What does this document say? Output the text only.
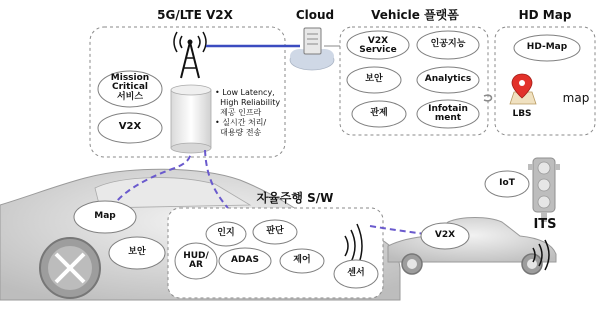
5G/LTE V2X	Cloud	Vehicle 플랫폼	HD Map
자율주행 S/W
ITS
Mission
Critical
서비스
V2X
• Low Latency,
High Reliability
제공 인프라
• 실시간 처리/
대용량 전송
V2X
Service
인공지능
보안	Analytics
관제	Infotain
ment
HD-Map
LBS
map
Map
보안
인지	판단
HUD/
AR
ADAS	제어
센서
IoT
V2X
